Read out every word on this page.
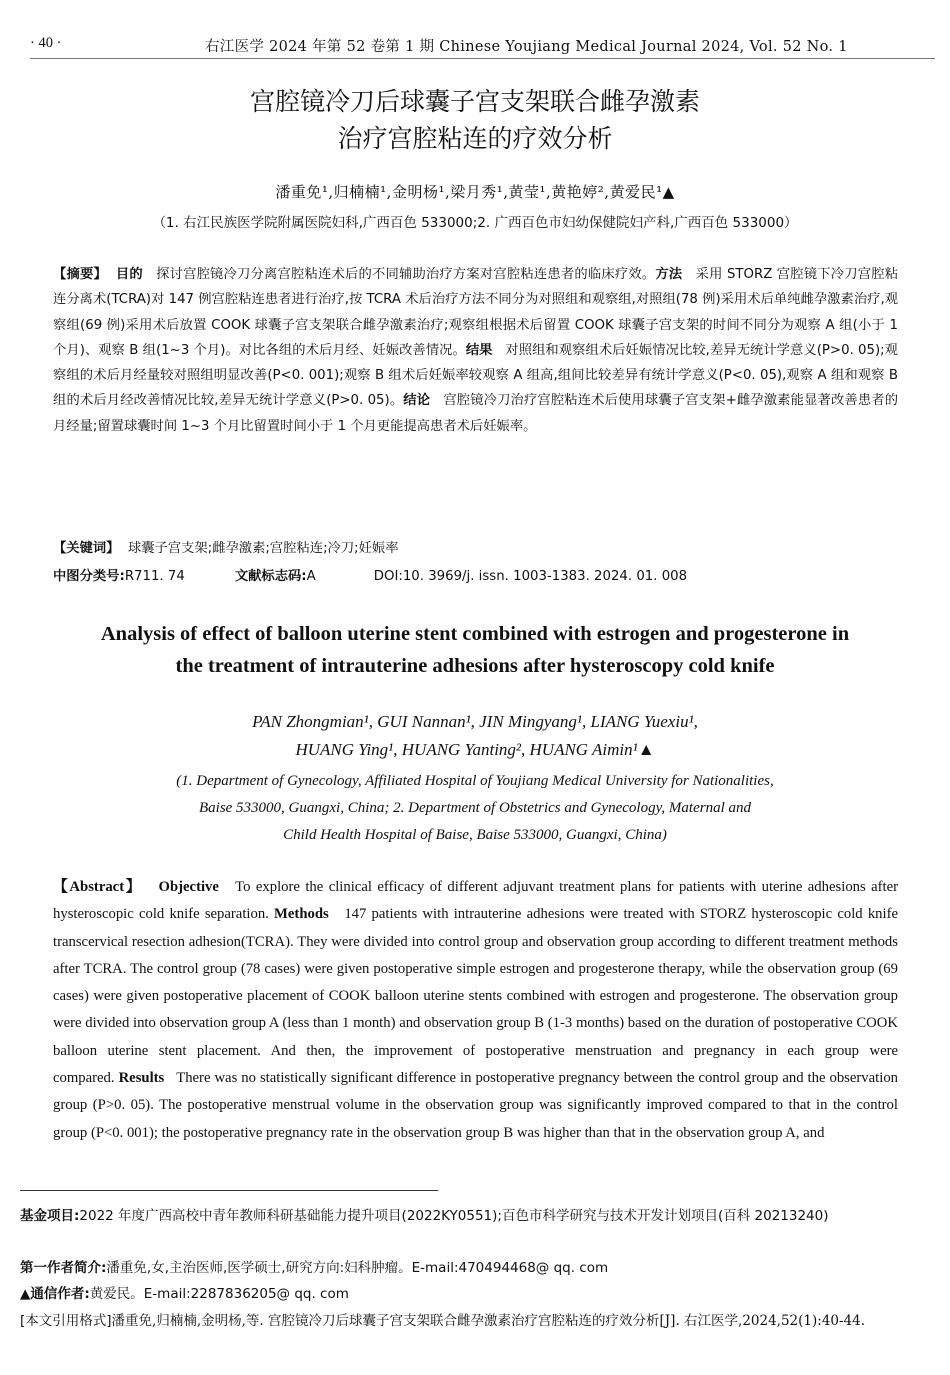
· 40 ·	右江医学 2024 年第 52 卷第 1 期 Chinese Youjiang Medical Journal 2024, Vol. 52 No. 1
宫腔镜冷刀后球囊子宫支架联合雌孕激素
治疗宫腔粘连的疗效分析
潘重免¹,归楠楠¹,金明杨¹,梁月秀¹,黄莹¹,黄艳婷²,黄爱民¹▲
（1. 右江民族医学院附属医院妇科,广西百色 533000;2. 广西百色市妇幼保健院妇产科,广西百色 533000）
【摘要】 目的 探讨宫腔镜冷刀分离宫腔粘连术后的不同辅助治疗方案对宫腔粘连患者的临床疗效。方法 采用 STORZ 宫腔镜下冷刀宫腔粘连分离术(TCRA)对 147 例宫腔粘连患者进行治疗,按 TCRA 术后治疗方法不同分为对照组和观察组,对照组(78 例)采用术后单纯雌孕激素治疗,观察组(69 例)采用术后放置 COOK 球囊子宫支架联合雌孕激素治疗;观察组根据术后留置 COOK 球囊子宫支架的时间不同分为观察 A 组(小于 1 个月)、观察 B 组(1~3 个月)。对比各组的术后月经、妊娠改善情况。结果 对照组和观察组术后妊娠情况比较,差异无统计学意义(P>0. 05);观察组的术后月经量较对照组明显改善(P<0. 001);观察 B 组术后妊娠率较观察 A 组高,组间比较差异有统计学意义(P<0. 05),观察 A 组和观察 B 组的术后月经改善情况比较,差异无统计学意义(P>0. 05)。结论 宫腔镜冷刀治疗宫腔粘连术后使用球囊子宫支架+雌孕激素能显著改善患者的月经量;留置球囊时间 1~3 个月比留置时间小于 1 个月更能提高患者术后妊娠率。
【关键词】 球囊子宫支架;雌孕激素;宫腔粘连;冷刀;妊娠率
中图分类号:R711. 74	文献标志码:A	DOI:10. 3969/j. issn. 1003-1383. 2024. 01. 008
Analysis of effect of balloon uterine stent combined with estrogen and progesterone in
the treatment of intrauterine adhesions after hysteroscopy cold knife
PAN Zhongmian¹, GUI Nannan¹, JIN Mingyang¹, LIANG Yuexiu¹,
HUANG Ying¹, HUANG Yanting², HUANG Aimin¹▲
(1. Department of Gynecology, Affiliated Hospital of Youjiang Medical University for Nationalities,
Baise 533000, Guangxi, China; 2. Department of Obstetrics and Gynecology, Maternal and
Child Health Hospital of Baise, Baise 533000, Guangxi, China)
【Abstract】 Objective To explore the clinical efficacy of different adjuvant treatment plans for patients with uterine adhesions after hysteroscopic cold knife separation. Methods 147 patients with intrauterine adhesions were treated with STORZ hysteroscopic cold knife transcervical resection adhesion(TCRA). They were divided into control group and observation group according to different treatment methods after TCRA. The control group (78 cases) were given postoperative simple estrogen and progesterone therapy, while the observation group (69 cases) were given postoperative placement of COOK balloon uterine stents combined with estrogen and progesterone. The observation group were divided into observation group A (less than 1 month) and observation group B (1-3 months) based on the duration of postoperative COOK balloon uterine stent placement. And then, the improvement of postoperative menstruation and pregnancy in each group were compared. Results There was no statistically significant difference in postoperative pregnancy between the control group and the observation group (P>0. 05). The postoperative menstrual volume in the observation group was significantly improved compared to that in the control group (P<0. 001); the postoperative pregnancy rate in the observation group B was higher than that in the observation group A, and
基金项目:2022 年度广西高校中青年教师科研基础能力提升项目(2022KY0551);百色市科学研究与技术开发计划项目(百科 20213240)
第一作者简介:潘重免,女,主治医师,医学硕士,研究方向:妇科肿瘤。E-mail:470494468@ qq. com
▲通信作者:黄爱民。E-mail:2287836205@ qq. com
[本文引用格式]潘重免,归楠楠,金明杨,等. 宫腔镜冷刀后球囊子宫支架联合雌孕激素治疗宫腔粘连的疗效分析[J]. 右江医学,2024,52(1):40-44.
